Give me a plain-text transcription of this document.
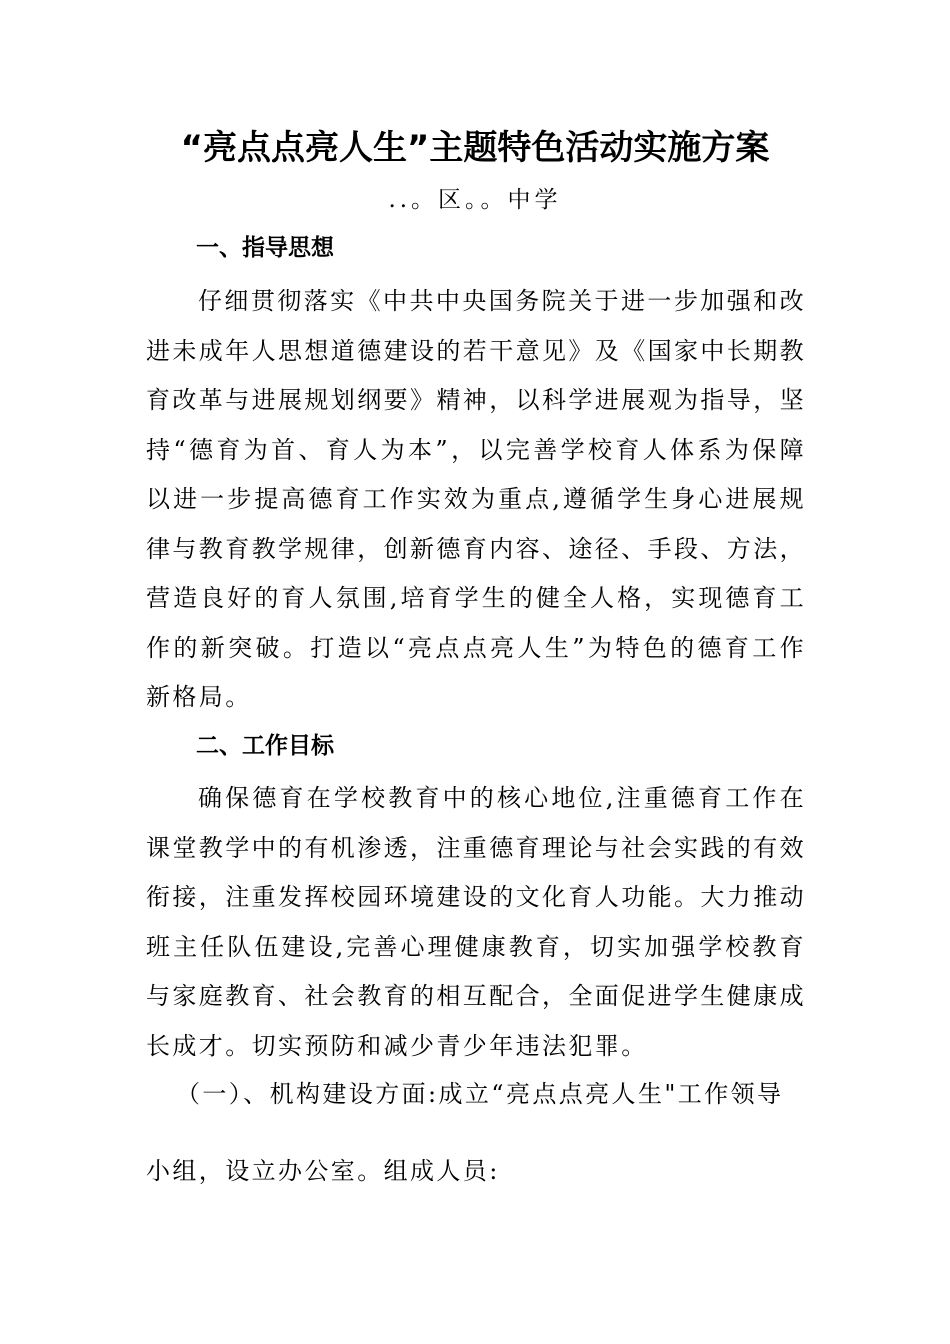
“亮点点亮人生”主题特色活动实施方案
..。区。。中学
一、指导思想
仔细贯彻落实《中共中央国务院关于进一步加强和改进未成年人思想道德建设的若干意见》及《国家中长期教育改革与进展规划纲要》精神，以科学进展观为指导，坚持“德育为首、育人为本”，以完善学校育人体系为保障以进一步提高德育工作实效为重点,遵循学生身心进展规律与教育教学规律，创新德育内容、途径、手段、方法，营造良好的育人氛围,培育学生的健全人格，实现德育工作的新突破。打造以“亮点点亮人生”为特色的德育工作新格局。
二、工作目标
确保德育在学校教育中的核心地位,注重德育工作在课堂教学中的有机渗透，注重德育理论与社会实践的有效衔接，注重发挥校园环境建设的文化育人功能。大力推动班主任队伍建设,完善心理健康教育，切实加强学校教育与家庭教育、社会教育的相互配合，全面促进学生健康成长成才。切实预防和减少青少年违法犯罪。
（一）、机构建设方面:成立“亮点点亮人生"工作领导
小组，设立办公室。组成人员:
